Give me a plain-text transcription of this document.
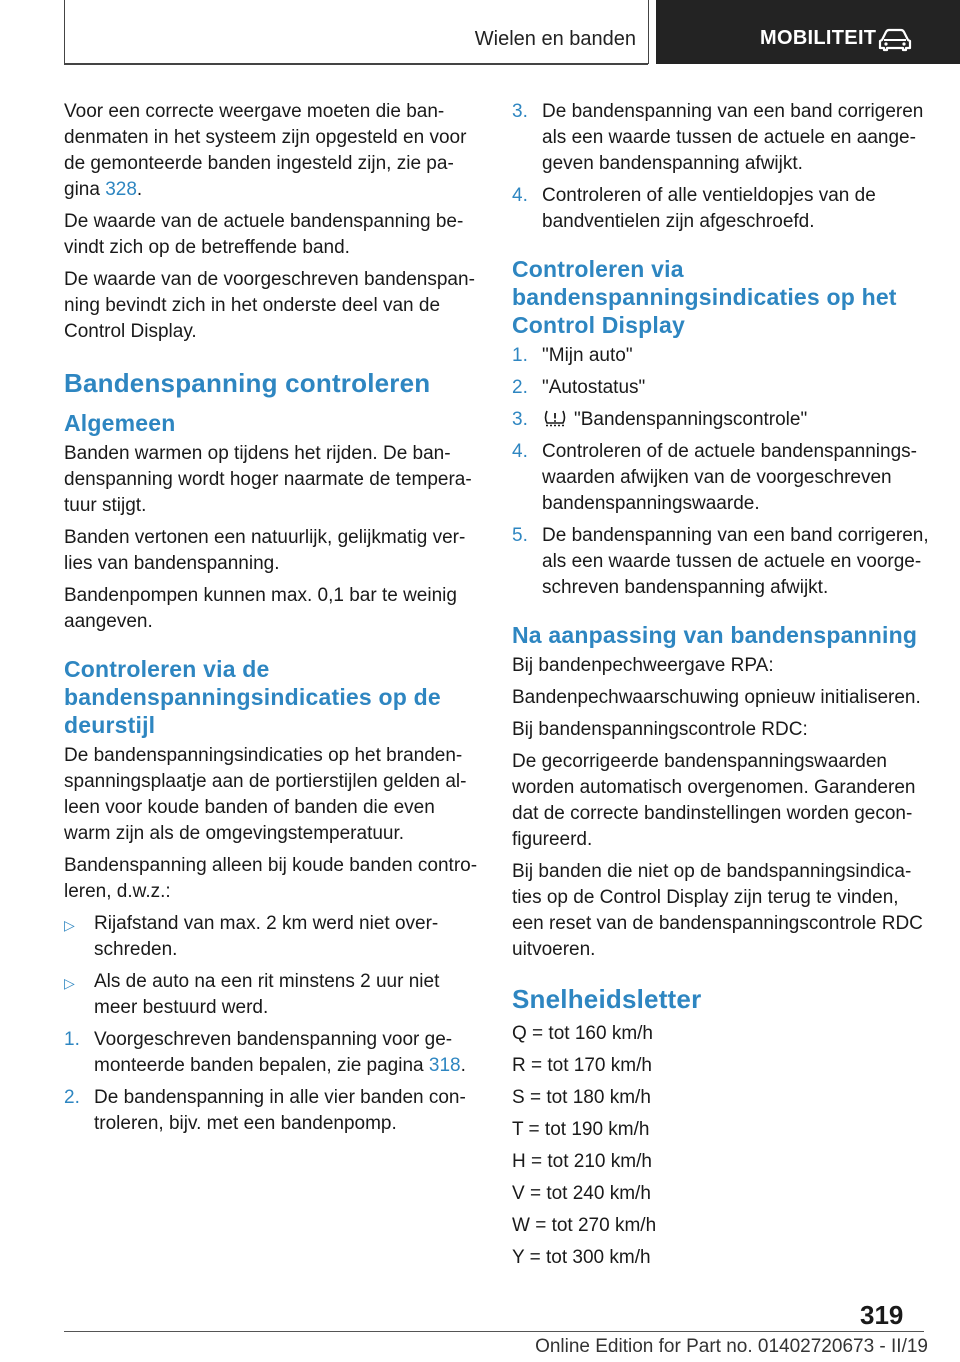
Wielen en banden	MOBILITEIT

Voor een correcte weergave moeten die bandenmaten in het systeem zijn opgesteld en voor de gemonteerde banden ingesteld zijn, zie pagina 328.

De waarde van de actuele bandenspanning bevindt zich op de betreffende band.

De waarde van de voorgeschreven bandenspanning bevindt zich in het onderste deel van de Control Display.

Bandenspanning controleren
Algemeen

Banden warmen op tijdens het rijden. De bandenspanning wordt hoger naarmate de temperatuur stijgt.

Banden vertonen een natuurlijk, gelijkmatig verlies van bandenspanning.

Bandenpompen kunnen max. 0,1 bar te weinig aangeven.

Controleren via de bandenspanningsindicaties op de deurstijl

De bandenspanningsindicaties op het brandenspanningsplaatje aan de portierstijlen gelden alleen voor koude banden of banden die even warm zijn als de omgevingstemperatuur.

Bandenspanning alleen bij koude banden controleren, d.w.z.:

▷ Rijafstand van max. 2 km werd niet overschreden.
▷ Als de auto na een rit minstens 2 uur niet meer bestuurd werd.
1. Voorgeschreven bandenspanning voor gemonteerde banden bepalen, zie pagina 318.
2. De bandenspanning in alle vier banden controleren, bijv. met een bandenpomp.
3. De bandenspanning van een band corrigeren als een waarde tussen de actuele en aangegeven bandenspanning afwijkt.
4. Controleren of alle ventieldopjes van de bandventielen zijn afgeschroefd.
Controleren via bandenspanningsindicaties op het Control Display
1. "Mijn auto"
2. "Autostatus"
3. "Bandenspanningscontrole"
4. Controleren of de actuele bandenspanningswaarden afwijken van de voorgeschreven bandenspanningswaarde.
5. De bandenspanning van een band corrigeren, als een waarde tussen de actuele en voorgeschreven bandenspanning afwijkt.
Na aanpassing van bandenspanning

Bij bandenpechweergave RPA:

Bandenpechwaarschuwing opnieuw initialiseren.

Bij bandenspanningscontrole RDC:

De gecorrigeerde bandenspanningswaarden worden automatisch overgenomen. Garanderen dat de correcte bandinstellingen worden geconfigureerd.

Bij banden die niet op de bandspanningsindicaties op de Control Display zijn terug te vinden, een reset van de bandenspanningscontrole RDC uitvoeren.

Snelheidsletter

Q = tot 160 km/h

R = tot 170 km/h

S = tot 180 km/h

T = tot 190 km/h

H = tot 210 km/h

V = tot 240 km/h

W = tot 270 km/h

Y = tot 300 km/h

319
Online Edition for Part no. 01402720673 - II/19
